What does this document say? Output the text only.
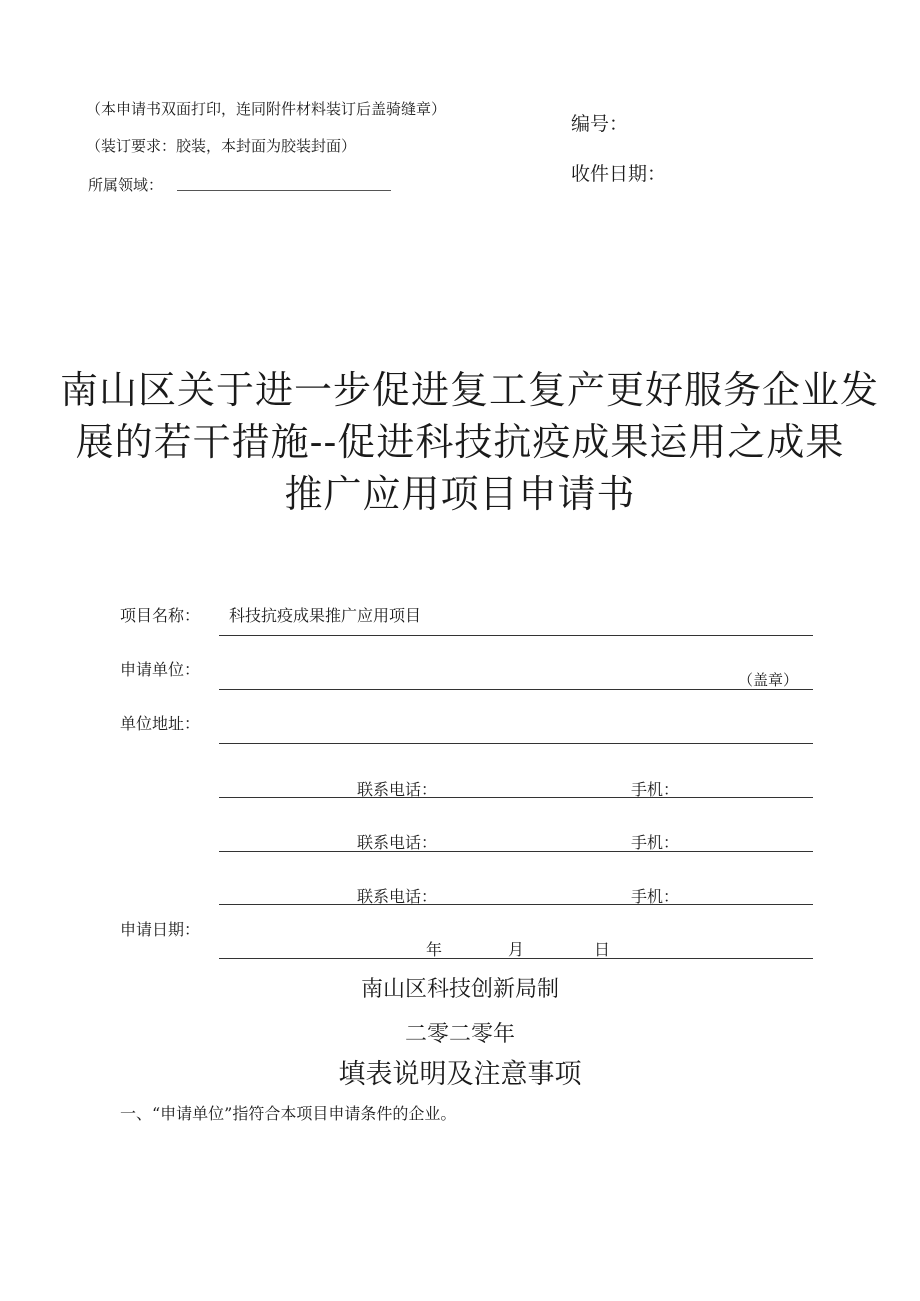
（本申请书双面打印，连同附件材料装订后盖骑缝章）
（装订要求：胶装，本封面为胶装封面）
所属领域：
编号：
收件日期：
南山区关于进一步促进复工复产更好服务企业发
展的若干措施--促进科技抗疫成果运用之成果
推广应用项目申请书
项目名称： 科技抗疫成果推广应用项目
申请单位：
（盖章）
单位地址：
联系电话：	手机：
联系电话：	手机：
联系电话：	手机：
申请日期：
年	月	日
南山区科技创新局制
二零二零年
填表说明及注意事项
一、“申请单位”指符合本项目申请条件的企业。
